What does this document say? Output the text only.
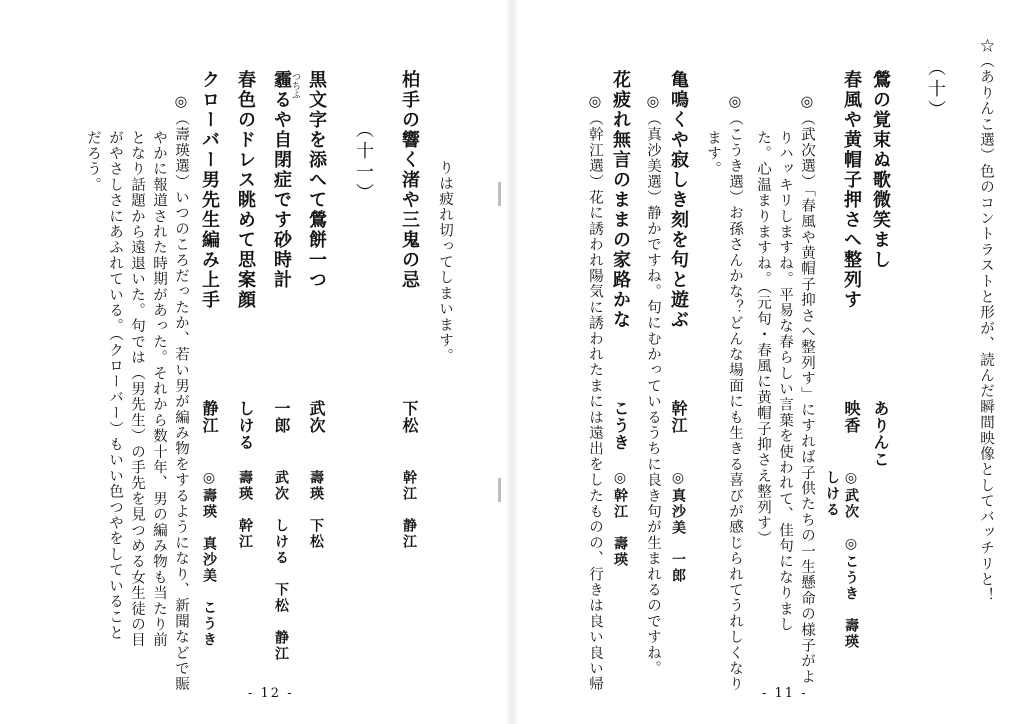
☆（ありんこ選）色のコントラストと形が、読んだ瞬間映像としてバッチリと！
（十）
鶯の覚束ぬ歌微笑まし
ありんこ
春風や黄帽子押さへ整列す
映香
しける ◎武次　◎こうき　壽瑛
◎（武次選）「春風や黄帽子抑さへ整列す」にすれば子供たちの一生懸命の様子がよ
りハッキリしますね。平易な春らしい言葉を使われて、佳句になりまし
た。心温まりますね。（元句・春風に黄帽子抑さえ整列す）
◎（こうき選）お孫さんかな？どんな場面にも生きる喜びが感じられてうれしくなり
ます。
亀鳴くや寂しき刻を句と遊ぶ
幹江
◎真沙美　一郎
◎（真沙美選）静かですね。句にむかっているうちに良き句が生まれるのですね。
花疲れ無言のままの家路かな
こうき
◎幹江　壽瑛
◎（幹江選）花に誘われ陽気に誘われたまには遠出をしたものの、行きは良い良い帰
- 11 -
りは疲れ切ってしまいます。
柏手の響く渚や三鬼の忌
下松
幹江　静江
（十一）
黒文字を添へて鶯餅一つ
武次
壽瑛　下松
つちふ
霾るや自閉症です砂時計
一郎
武次　しける　下松　静江
春色のドレス眺めて思案顔
しける
壽瑛　幹江
クローバー男先生編み上手
静江
◎壽瑛　真沙美　こうき
◎（壽瑛選）いつのころだったか、若い男が編み物をするようになり、新聞などで賑
やかに報道された時期があった。それから数十年、男の編み物も当たり前
となり話題から遠退いた。句では（男先生）の手先を見つめる女生徒の目
がやさしさにあふれている。（クローバー）もいい色つやをしていること
だろう。
- 12 -
